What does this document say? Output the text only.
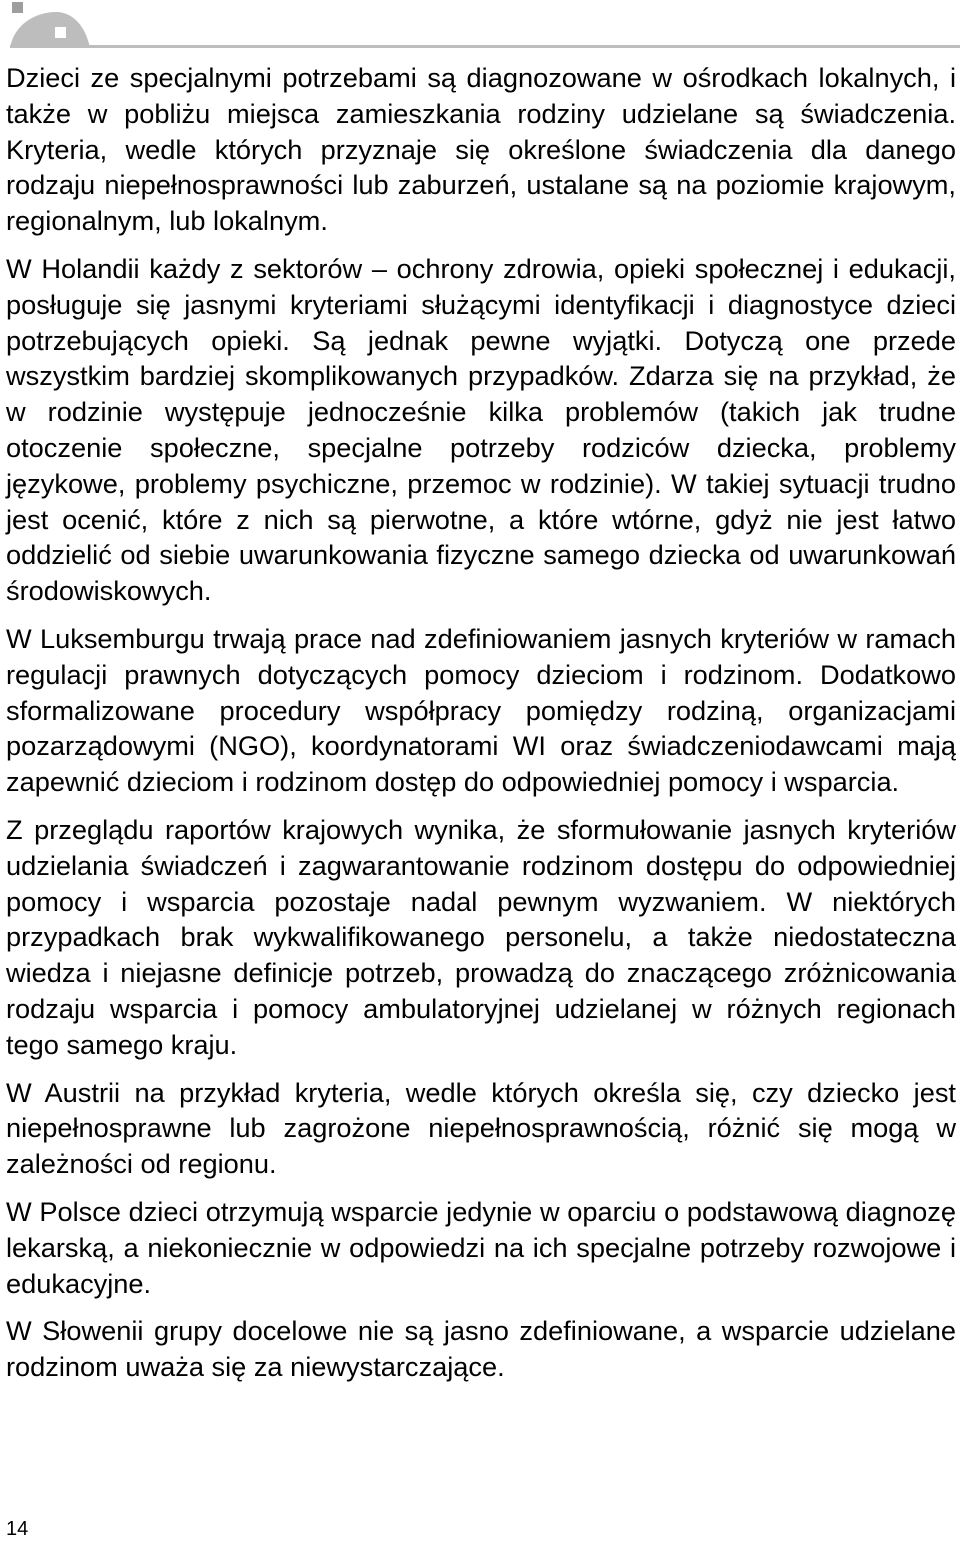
Dzieci ze specjalnymi potrzebami są diagnozowane w ośrodkach lokalnych, i także w pobliżu miejsca zamieszkania rodziny udzielane są świadczenia. Kryteria, wedle których przyznaje się określone świadczenia dla danego rodzaju niepełnosprawności lub zaburzeń, ustalane są na poziomie krajowym, regionalnym, lub lokalnym.

W Holandii każdy z sektorów – ochrony zdrowia, opieki społecznej i edukacji, posługuje się jasnymi kryteriami służącymi identyfikacji i diagnostyce dzieci potrzebujących opieki. Są jednak pewne wyjątki. Dotyczą one przede wszystkim bardziej skomplikowanych przypadków. Zdarza się na przykład, że w rodzinie występuje jednocześnie kilka problemów (takich jak trudne otoczenie społeczne, specjalne potrzeby rodziców dziecka, problemy językowe, problemy psychiczne, przemoc w rodzinie). W takiej sytuacji trudno jest ocenić, które z nich są pierwotne, a które wtórne, gdyż nie jest łatwo oddzielić od siebie uwarunkowania fizyczne samego dziecka od uwarunkowań środowiskowych.

W Luksemburgu trwają prace nad zdefiniowaniem jasnych kryteriów w ramach regulacji prawnych dotyczących pomocy dzieciom i rodzinom. Dodatkowo sformalizowane procedury współpracy pomiędzy rodziną, organizacjami pozarządowymi (NGO), koordynatorami WI oraz świadczeniodawcami mają zapewnić dzieciom i rodzinom dostęp do odpowiedniej pomocy i wsparcia.

Z przeglądu raportów krajowych wynika, że sformułowanie jasnych kryteriów udzielania świadczeń i zagwarantowanie rodzinom dostępu do odpowiedniej pomocy i wsparcia pozostaje nadal pewnym wyzwaniem. W niektórych przypadkach brak wykwalifikowanego personelu, a także niedostateczna wiedza i niejasne definicje potrzeb, prowadzą do znaczącego zróżnicowania rodzaju wsparcia i pomocy ambulatoryjnej udzielanej w różnych regionach tego samego kraju.

W Austrii na przykład kryteria, wedle których określa się, czy dziecko jest niepełnosprawne lub zagrożone niepełnosprawnością, różnić się mogą w zależności od regionu.

W Polsce dzieci otrzymują wsparcie jedynie w oparciu o podstawową diagnozę lekarską, a niekoniecznie w odpowiedzi na ich specjalne potrzeby rozwojowe i edukacyjne.

W Słowenii grupy docelowe nie są jasno zdefiniowane, a wsparcie udzielane rodzinom uważa się za niewystarczające.

14
